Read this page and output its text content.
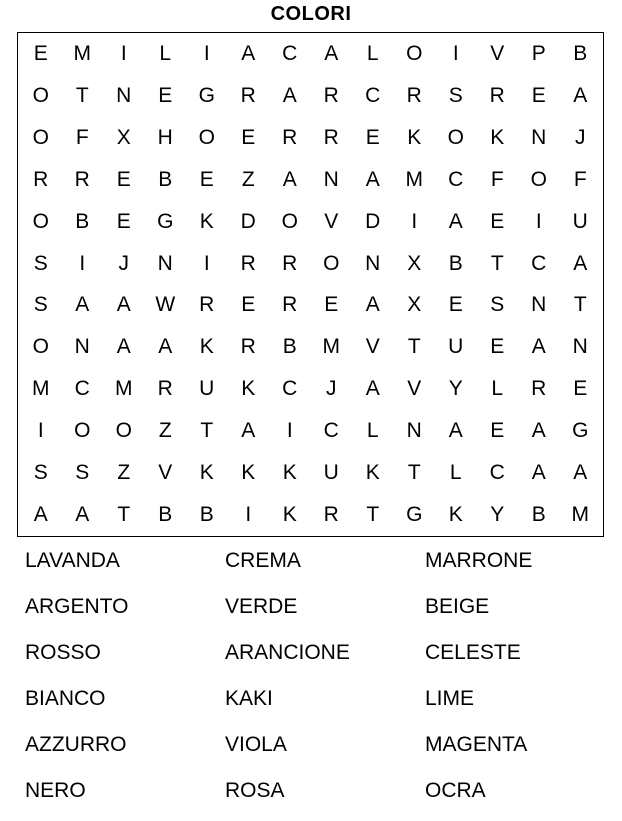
COLORI
E	M	I	L	I	A	C	A	L	O	I	V	P	B
O	T	N	E	G	R	A	R	C	R	S	R	E	A
O	F	X	H	O	E	R	R	E	K	O	K	N	J
R	R	E	B	E	Z	A	N	A	M	C	F	O	F
O	B	E	G	K	D	O	V	D	I	A	E	I	U
S	I	J	N	I	R	R	O	N	X	B	T	C	A
S	A	A	W	R	E	R	E	A	X	E	S	N	T
O	N	A	A	K	R	B	M	V	T	U	E	A	N
M	C	M	R	U	K	C	J	A	V	Y	L	R	E
I	O	O	Z	T	A	I	C	L	N	A	E	A	G
S	S	Z	V	K	K	K	U	K	T	L	C	A	A
A	A	T	B	B	I	K	R	T	G	K	Y	B	M
LAVANDA	CREMA	MARRONE
ARGENTO	VERDE	BEIGE
ROSSO	ARANCIONE	CELESTE
BIANCO	KAKI	LIME
AZZURRO	VIOLA	MAGENTA
NERO	ROSA	OCRA
